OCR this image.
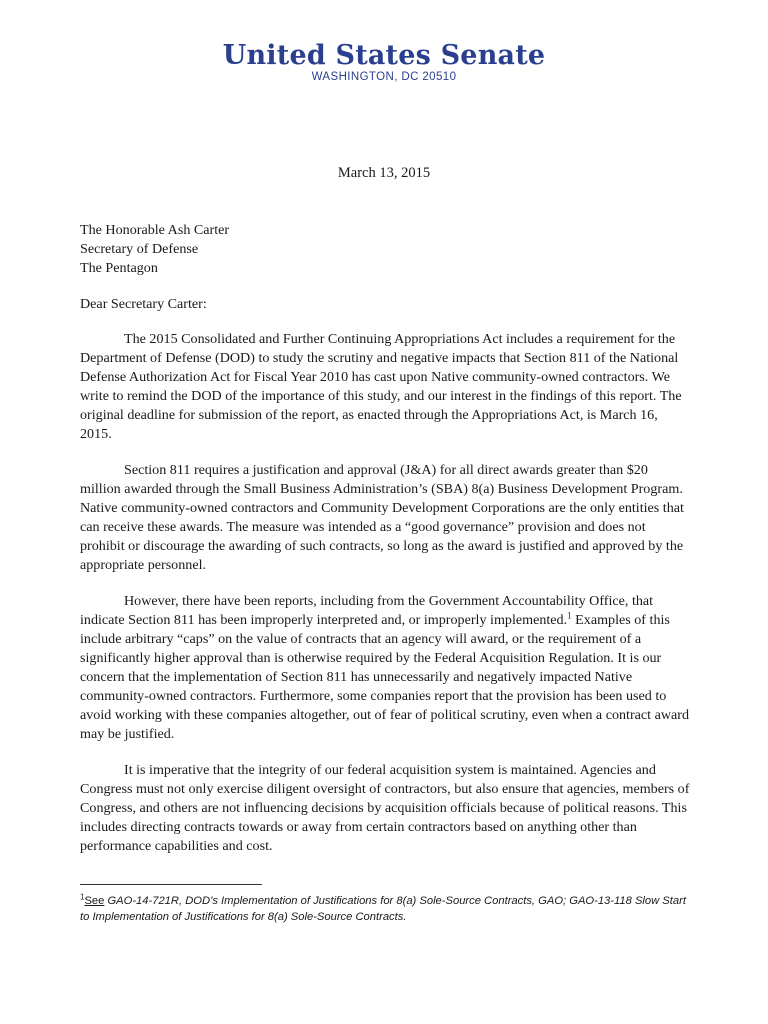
United States Senate
WASHINGTON, DC 20510
March 13, 2015
The Honorable Ash Carter
Secretary of Defense
The Pentagon
Dear Secretary Carter:

The 2015 Consolidated and Further Continuing Appropriations Act includes a requirement for the Department of Defense (DOD) to study the scrutiny and negative impacts that Section 811 of the National Defense Authorization Act for Fiscal Year 2010 has cast upon Native community-owned contractors. We write to remind the DOD of the importance of this study, and our interest in the findings of this report. The original deadline for submission of the report, as enacted through the Appropriations Act, is March 16, 2015.

Section 811 requires a justification and approval (J&A) for all direct awards greater than $20 million awarded through the Small Business Administration’s (SBA) 8(a) Business Development Program. Native community-owned contractors and Community Development Corporations are the only entities that can receive these awards. The measure was intended as a “good governance” provision and does not prohibit or discourage the awarding of such contracts, so long as the award is justified and approved by the appropriate personnel.

However, there have been reports, including from the Government Accountability Office, that indicate Section 811 has been improperly interpreted and, or improperly implemented.$^1$ Examples of this include arbitrary “caps” on the value of contracts that an agency will award, or the requirement of a significantly higher approval than is otherwise required by the Federal Acquisition Regulation. It is our concern that the implementation of Section 811 has unnecessarily and negatively impacted Native community-owned contractors. Furthermore, some companies report that the provision has been used to avoid working with these companies altogether, out of fear of political scrutiny, even when a contract award may be justified.

It is imperative that the integrity of our federal acquisition system is maintained. Agencies and Congress must not only exercise diligent oversight of contractors, but also ensure that agencies, members of Congress, and others are not influencing decisions by acquisition officials because of political reasons. This includes directing contracts towards or away from certain contractors based on anything other than performance capabilities and cost.

$^1$See GAO-14-721R, DOD’s Implementation of Justifications for 8(a) Sole-Source Contracts, GAO; GAO-13-118 Slow Start to Implementation of Justifications for 8(a) Sole-Source Contracts.
